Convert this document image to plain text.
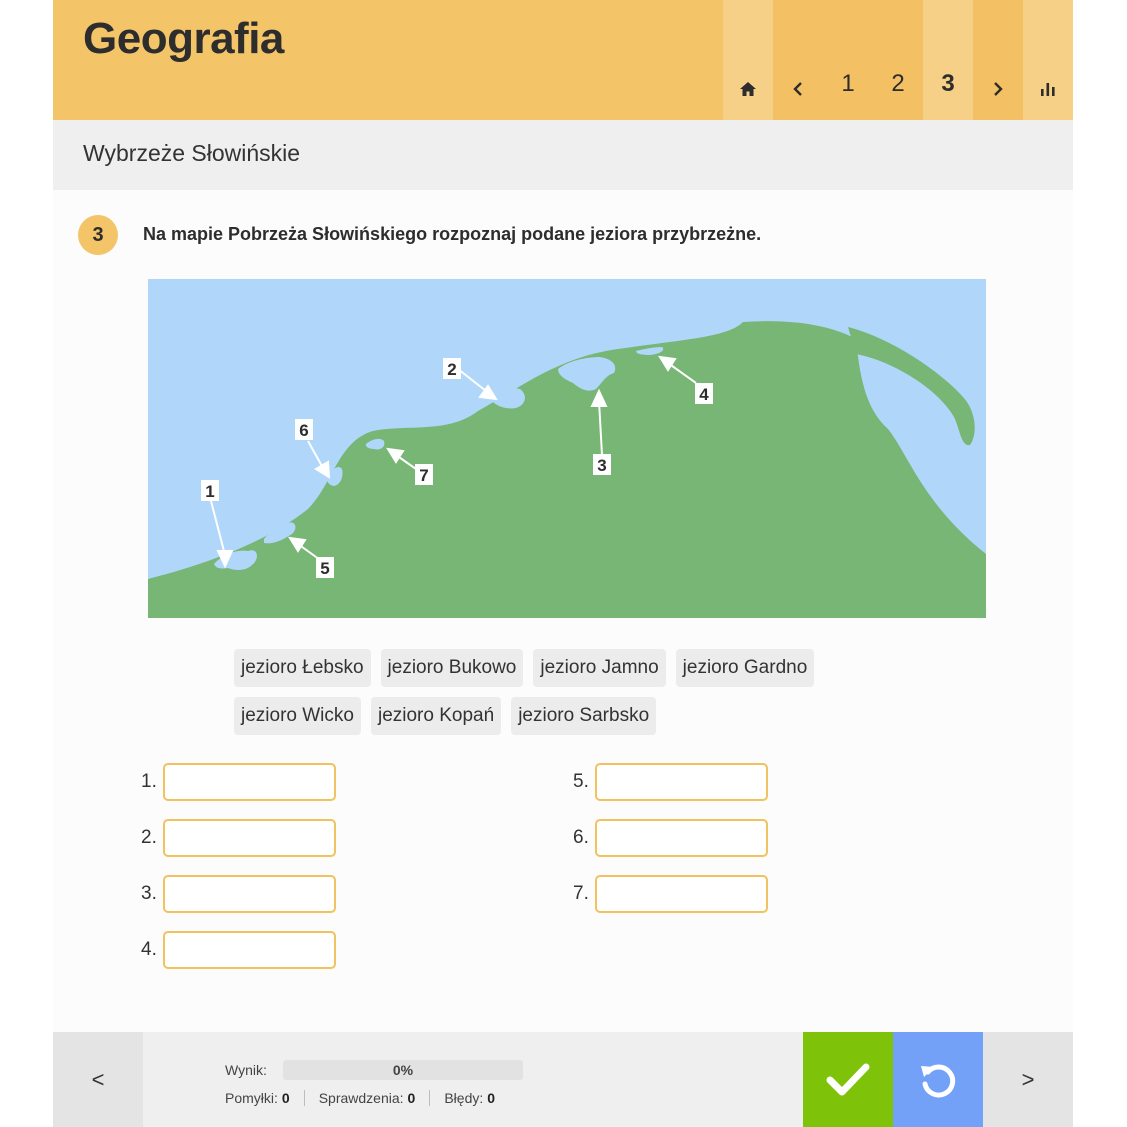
Geografia
1	2	3
Wybrzeże Słowińskie
3	Na mapie Pobrzeża Słowińskiego rozpoznaj podane jeziora przybrzeżne.
1
2
3
4
5
6
7
jezioro Łebsko	jezioro Bukowo	jezioro Jamno	jezioro Gardno
jezioro Wicko	jezioro Kopań	jezioro Sarbsko
1.
2.
3.
4.
5.
6.
7.
<	Wynik:	0%
Pomyłki: 0	Sprawdzenia: 0	Błędy: 0
>
